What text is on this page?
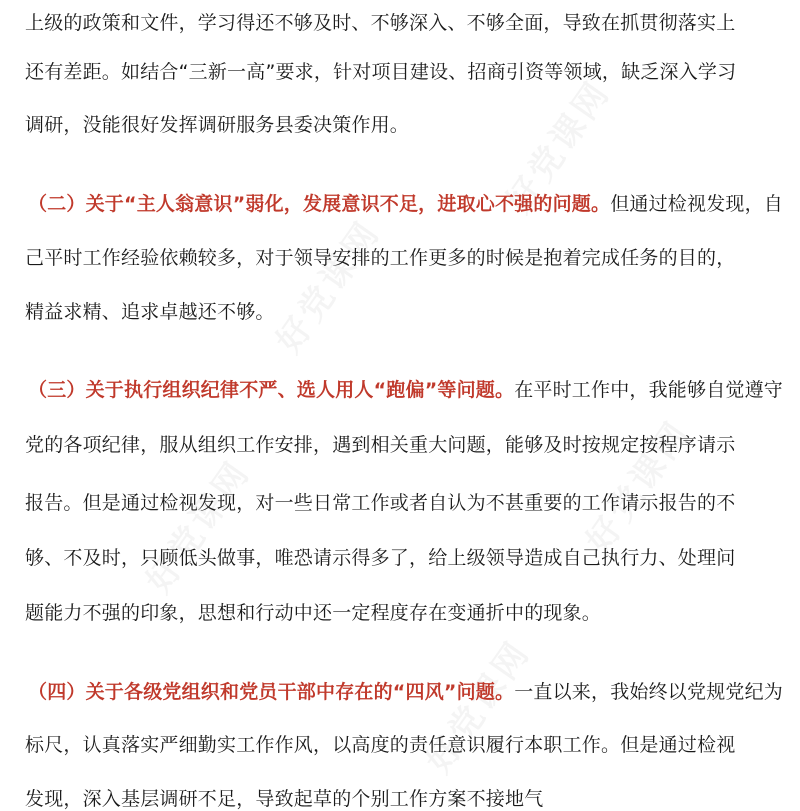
上级的政策和文件，学习得还不够及时、不够深入、不够全面，导致在抓贯彻落实上
还有差距。如结合“三新一高”要求，针对项目建设、招商引资等领域，缺乏深入学习
调研，没能很好发挥调研服务县委决策作用。
（二）关于“主人翁意识”弱化，发展意识不足，进取心不强的问题。但通过检视发现，自
己平时工作经验依赖较多，对于领导安排的工作更多的时候是抱着完成任务的目的，
精益求精、追求卓越还不够。
（三）关于执行组织纪律不严、选人用人“跑偏”等问题。在平时工作中，我能够自觉遵守
党的各项纪律，服从组织工作安排，遇到相关重大问题，能够及时按规定按程序请示
报告。但是通过检视发现，对一些日常工作或者自认为不甚重要的工作请示报告的不
够、不及时，只顾低头做事，唯恐请示得多了，给上级领导造成自己执行力、处理问
题能力不强的印象，思想和行动中还一定程度存在变通折中的现象。
（四）关于各级党组织和党员干部中存在的“四风”问题。一直以来，我始终以党规党纪为
标尺，认真落实严细勤实工作作风，以高度的责任意识履行本职工作。但是通过检视
发现，深入基层调研不足，导致起草的个别工作方案不接地气
